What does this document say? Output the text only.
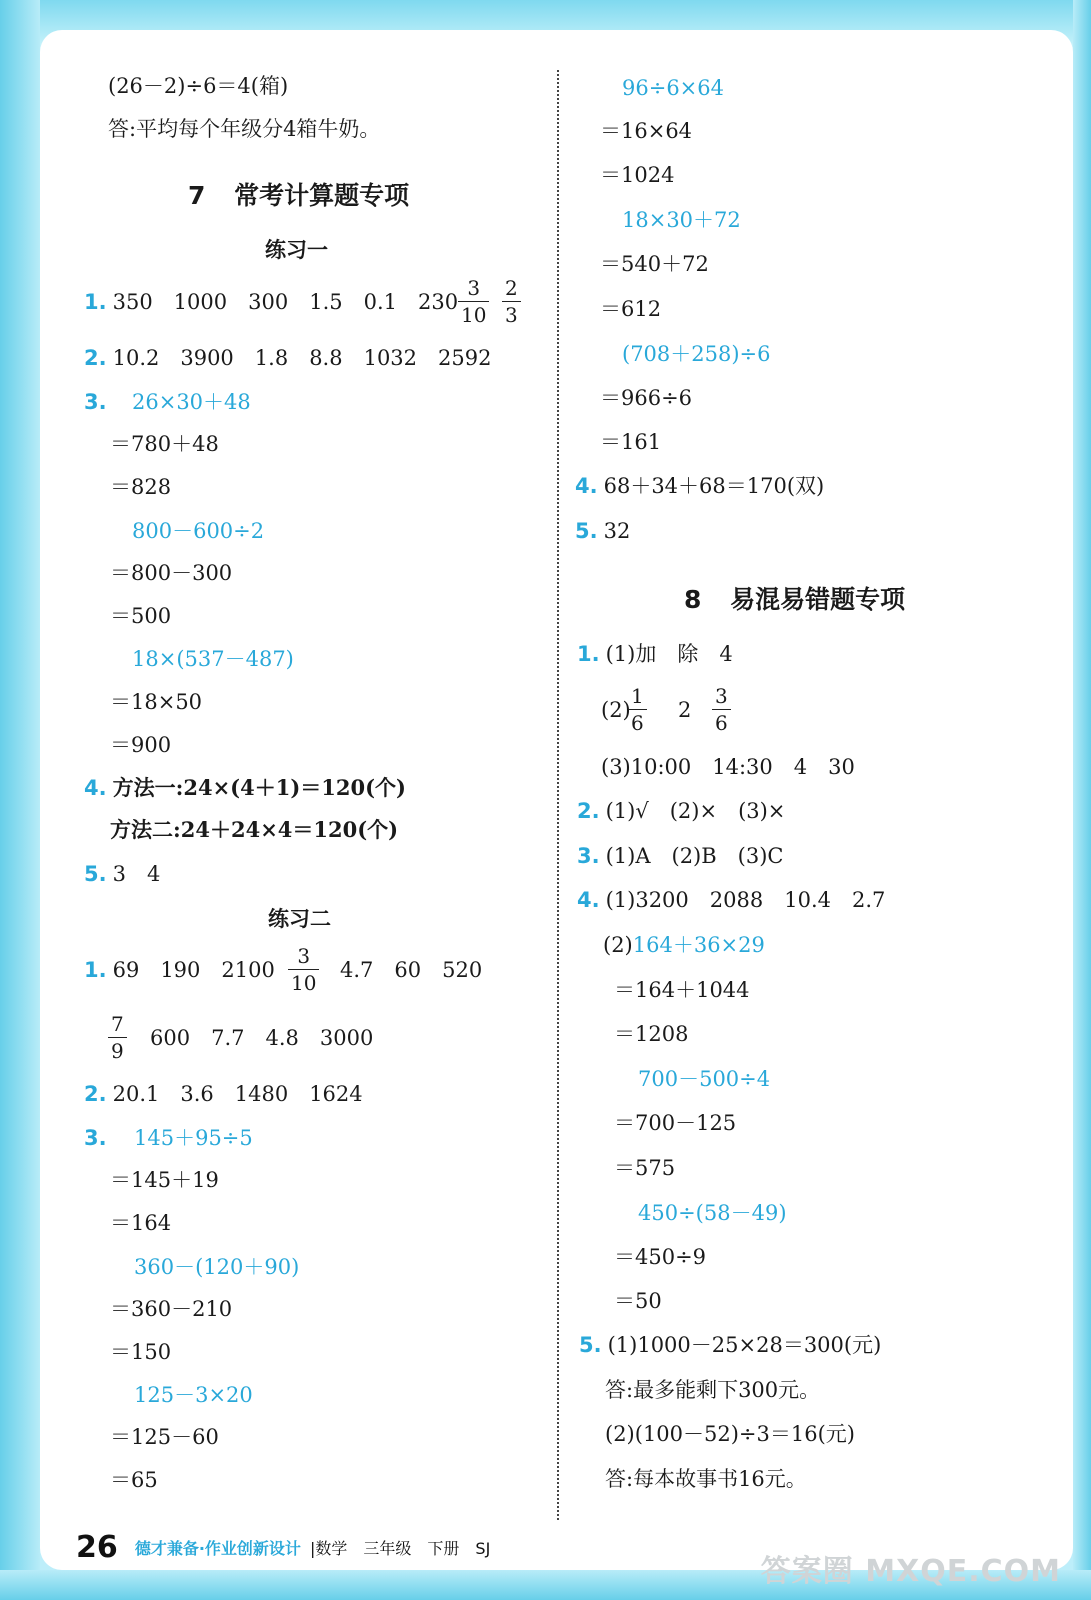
(26－2)÷6＝4(箱)
答:平均每个年级分4箱牛奶。
7 常考计算题专项
练习一
1. 350　1000　300　1.5　0.1　$230 \frac{3}{10} \frac{2}{3}$
2. 10.2　3900　1.8　8.8　1032　2592
3. 26×30＋48
＝780＋48
＝828
800－600÷2
＝800－300
＝500
18×(537－487)
＝18×50
＝900
4. 方法一:24×(4＋1)＝120(个)
方法二:24＋24×4＝120(个)
5. 3　4
练习二
1. 69　190　$2100 \frac{3}{10} 4.7$　60　520
$\frac{7}{9} 600$　7.7　4.8　3000
2. 20.1　3.6　1480　1624
3. 145＋95÷5
＝145＋19
＝164
360－(120＋90)
＝360－210
＝150
125－3×20
＝125－60
＝65
96÷6×64
＝16×64
＝1024
18×30＋72
＝540＋72
＝612
(708＋258)÷6
＝966÷6
＝161
4. 68＋34＋68＝170(双)
5. 32
8 易混易错题专项
1. (1)加　除　4
(2)
$\frac{1}{6} 2 \frac{3}{6}$
(3)10:00　14:30　4　30
2. (1)√　(2)×　(3)×
3. (1)A　(2)B　(3)C
4. (1)3200　2088　10.4　2.7
(2)164＋36×29
＝164＋1044
＝1208
700－500÷4
＝700－125
＝575
450÷(58－49)
＝450÷9
＝50
5. (1)1000－25×28＝300(元)
答:最多能剩下300元。
(2)(100－52)÷3＝16(元)
答:每本故事书16元。
26 德才兼备·作业创新设计 |数学　三年级　下册　SJ
答案圈 MXQE.COM
